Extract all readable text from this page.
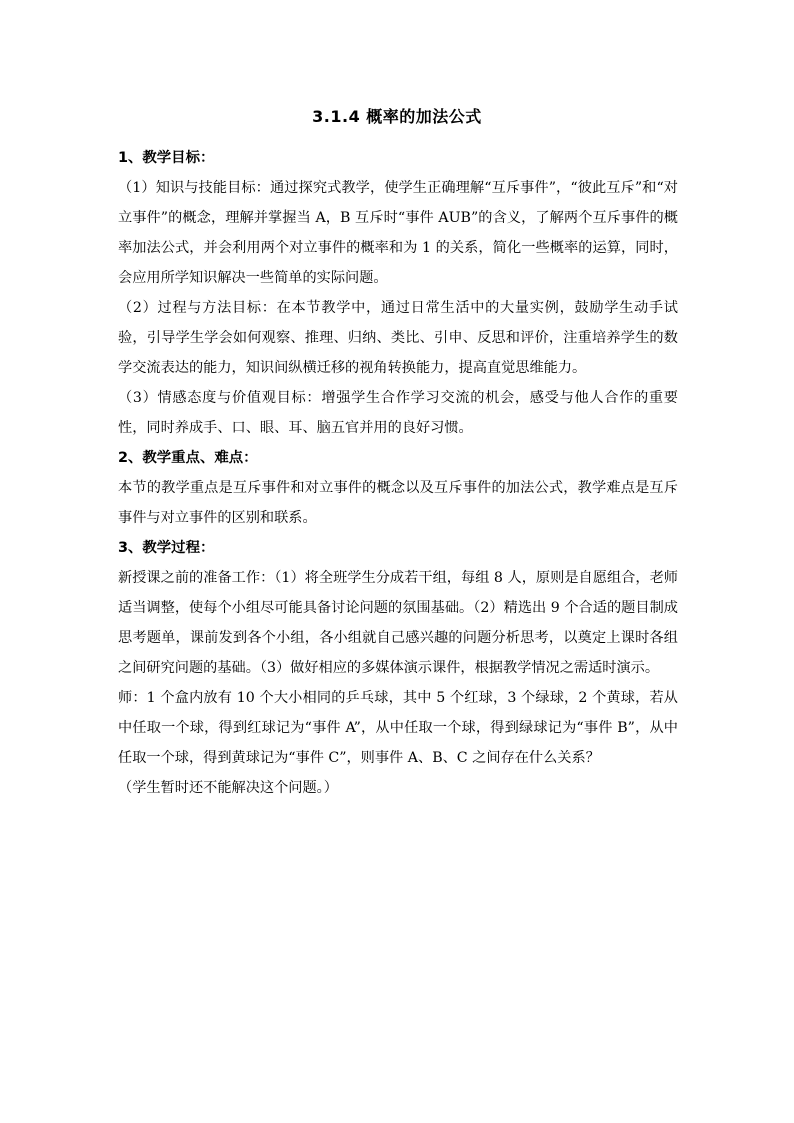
3.1.4 概率的加法公式

1、教学目标：

（1）知识与技能目标：通过探究式教学，使学生正确理解“互斥事件”，“彼此互斥”和“对立事件”的概念，理解并掌握当 A，B 互斥时“事件 AUB”的含义，了解两个互斥事件的概率加法公式，并会利用两个对立事件的概率和为 1 的关系，简化一些概率的运算，同时，会应用所学知识解决一些简单的实际问题。

（2）过程与方法目标：在本节教学中，通过日常生活中的大量实例，鼓励学生动手试验，引导学生学会如何观察、推理、归纳、类比、引申、反思和评价，注重培养学生的数学交流表达的能力，知识间纵横迁移的视角转换能力，提高直觉思维能力。

（3）情感态度与价值观目标：增强学生合作学习交流的机会，感受与他人合作的重要性，同时养成手、口、眼、耳、脑五官并用的良好习惯。

2、教学重点、难点：

本节的教学重点是互斥事件和对立事件的概念以及互斥事件的加法公式，教学难点是互斥事件与对立事件的区别和联系。

3、教学过程：

新授课之前的准备工作：（1）将全班学生分成若干组，每组 8 人，原则是自愿组合，老师适当调整，使每个小组尽可能具备讨论问题的氛围基础。（2）精选出 9 个合适的题目制成思考题单，课前发到各个小组，各小组就自己感兴趣的问题分析思考，以奠定上课时各组之间研究问题的基础。（3）做好相应的多媒体演示课件，根据教学情况之需适时演示。

师：1 个盒内放有 10 个大小相同的乒乓球，其中 5 个红球，3 个绿球，2 个黄球，若从中任取一个球，得到红球记为“事件 A”，从中任取一个球，得到绿球记为“事件 B”，从中任取一个球，得到黄球记为“事件 C”，则事件 A、B、C 之间存在什么关系？

（学生暂时还不能解决这个问题。）
